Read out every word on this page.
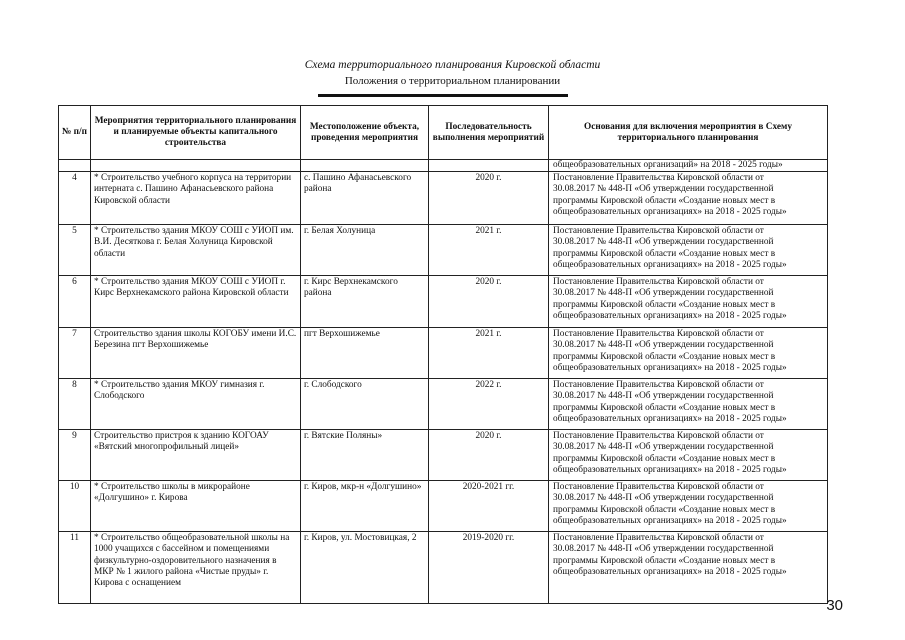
Схема территориального планирования Кировской области
Положения о территориальном планировании
№ п/п	Мероприятия территориального планирования и планируемые объекты капитального строительства	Местоположение объекта, проведения мероприятия	Последовательность выполнения мероприятий	Основания для включения мероприятия в Схему территориального планирования
				общеобразовательных организаций» на 2018 - 2025 годы»
4	* Строительство учебного корпуса на территории интерната с. Пашино Афанасьевского района Кировской области	с. Пашино Афанасьевского района	2020 г.	Постановление Правительства Кировской области от
30.08.2017 № 448-П «Об утверждении государственной
программы Кировской области «Создание новых мест в
общеобразовательных организациях» на 2018 - 2025 годы»

5	* Строительство здания МКОУ СОШ с УИОП им. В.И. Десяткова г. Белая Холуница Кировской области	г. Белая Холуница	2021 г.	Постановление Правительства Кировской области от
30.08.2017 № 448-П «Об утверждении государственной
программы Кировской области «Создание новых мест в
общеобразовательных организациях» на 2018 - 2025 годы»

6	* Строительство здания МКОУ СОШ с УИОП г. Кирс Верхнекамского района Кировской области	г. Кирс Верхнекамского района	2020 г.	Постановление Правительства Кировской области от
30.08.2017 № 448-П «Об утверждении государственной
программы Кировской области «Создание новых мест в
общеобразовательных организациях» на 2018 - 2025 годы»

7	Строительство здания школы КОГОБУ имени И.С. Березина пгт Верхошижемье	пгт Верхошижемье	2021 г.	Постановление Правительства Кировской области от
30.08.2017 № 448-П «Об утверждении государственной
программы Кировской области «Создание новых мест в
общеобразовательных организациях» на 2018 - 2025 годы»

8	* Строительство здания МКОУ гимназия г. Слободского	г. Слободского	2022 г.	Постановление Правительства Кировской области от
30.08.2017 № 448-П «Об утверждении государственной
программы Кировской области «Создание новых мест в
общеобразовательных организациях» на 2018 - 2025 годы»

9	Строительство пристроя к зданию КОГОАУ «Вятский многопрофильный лицей»	г. Вятские Поляны»	2020 г.	Постановление Правительства Кировской области от
30.08.2017 № 448-П «Об утверждении государственной
программы Кировской области «Создание новых мест в
общеобразовательных организациях» на 2018 - 2025 годы»

10	* Строительство школы в микрорайоне «Долгушино» г. Кирова	г. Киров, мкр-н «Долгушино»	2020-2021 гг.	Постановление Правительства Кировской области от
30.08.2017 № 448-П «Об утверждении государственной
программы Кировской области «Создание новых мест в
общеобразовательных организациях» на 2018 - 2025 годы»

11	* Строительство общеобразовательной школы на 1000 учащихся с бассейном и помещениями физкультурно-оздоровительного назначения в МКР № 1 жилого района «Чистые пруды» г. Кирова с оснащением	г. Киров, ул. Мостовицкая, 2	2019-2020 гг.	Постановление Правительства Кировской области от
30.08.2017 № 448-П «Об утверждении государственной
программы Кировской области «Создание новых мест в
общеобразовательных организациях» на 2018 - 2025 годы»
30
